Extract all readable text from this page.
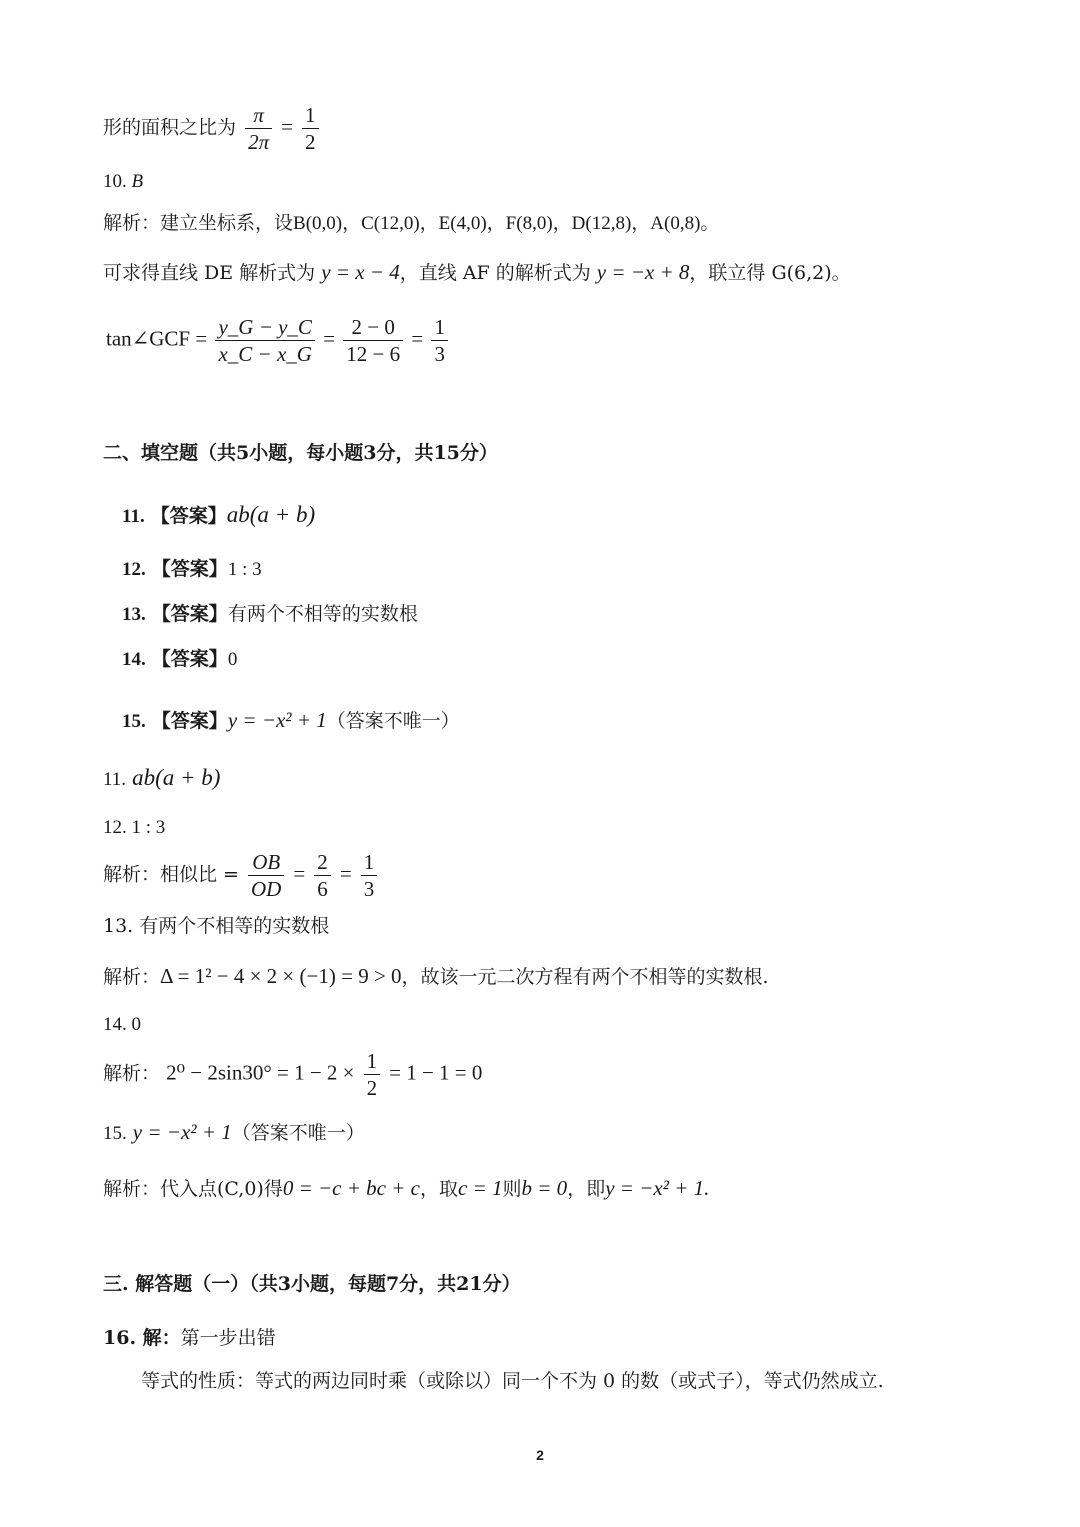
形的面积之比为 $\frac{\pi}{2\pi} = \frac{1}{2}$
10. B
解析：建立坐标系，设B(0,0)，C(12,0)，E(4,0)，F(8,0)，D(12,8)，A(0,8)。
可求得直线 DE 解析式为 y = x − 4，直线 AF 的解析式为 y = −x + 8，联立得 G(6,2)。
tan∠GCF = $\frac{y\_G - y\_C}{x\_C - x\_G} = \frac{2 - 0}{12 - 6} = \frac{1}{3}$
二、填空题（共5小题，每小题3分，共15分）
11. 【答案】ab(a + b)
12. 【答案】1 : 3
13. 【答案】有两个不相等的实数根
14. 【答案】0
15. 【答案】y = −x² + 1（答案不唯一）
11. ab(a + b)
12. 1 : 3
解析：相似比 = $\frac{OB}{OD} = \frac{2}{6} = \frac{1}{3}$
13. 有两个不相等的实数根
解析：Δ = 1² − 4 × 2 × (−1) = 9 > 0，故该一元二次方程有两个不相等的实数根.
14. 0
解析： $2^0 - 2\sin 30^\circ = 1 - 2 \times \frac{1}{2} = 1 - 1 = 0$
15. y = −x² + 1（答案不唯一）
解析：代入点(C,0)得0 = −c + bc + c，取c = 1则b = 0，即y = −x² + 1.
三. 解答题（一）（共3小题，每题7分，共21分）
16. 解：第一步出错
等式的性质：等式的两边同时乘（或除以）同一个不为 0 的数（或式子），等式仍然成立.
2
